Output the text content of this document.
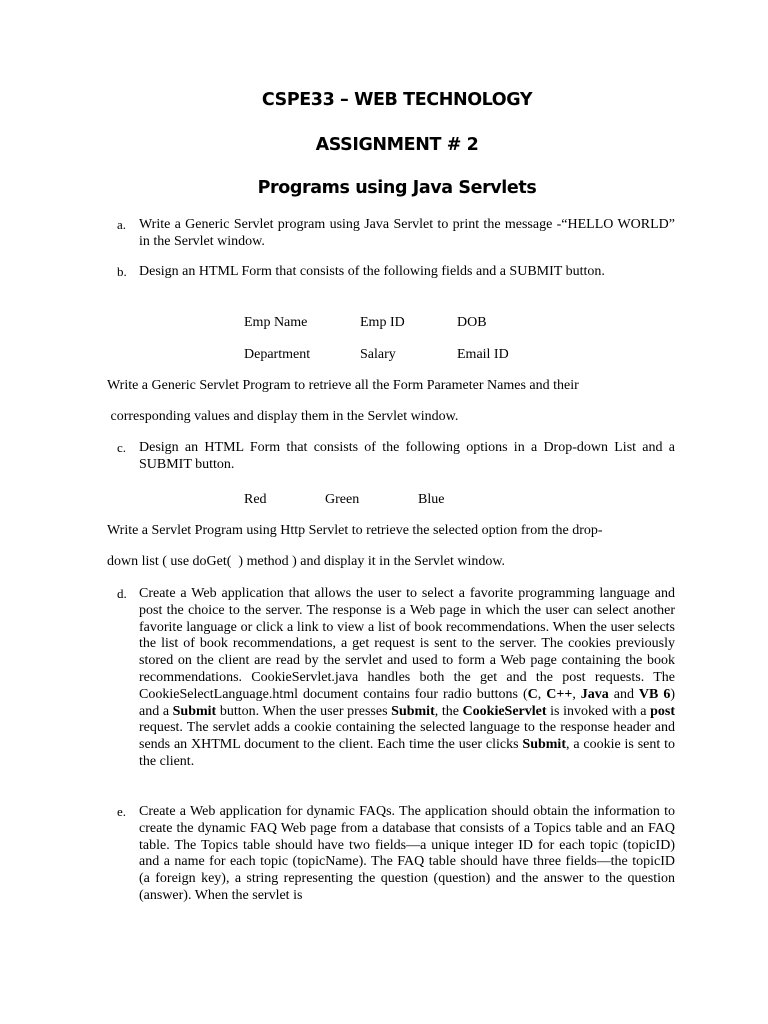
CSPE33 – WEB TECHNOLOGY
ASSIGNMENT # 2
Programs using Java Servlets
a. Write a Generic Servlet program using Java Servlet to print the message -“HELLO WORLD” in the Servlet window.
b. Design an HTML Form that consists of the following fields and a SUBMIT button.
Emp Name	Emp ID	DOB
Department	Salary	Email ID
Write a Generic Servlet Program to retrieve all the Form Parameter Names and their
corresponding values and display them in the Servlet window.
c. Design an HTML Form that consists of the following options in a Drop-down List and a SUBMIT button.
Red	Green	Blue
Write a Servlet Program using Http Servlet to retrieve the selected option from the drop-
down list ( use doGet(  ) method ) and display it in the Servlet window.
d. Create a Web application that allows the user to select a favorite programming language and post the choice to the server. The response is a Web page in which the user can select another favorite language or click a link to view a list of book recommendations. When the user selects the list of book recommendations, a get request is sent to the server. The cookies previously stored on the client are read by the servlet and used to form a Web page containing the book recommendations. CookieServlet.java handles both the get and the post requests. The CookieSelectLanguage.html document contains four radio buttons (C, C++, Java and VB 6) and a Submit button. When the user presses Submit, the CookieServlet is invoked with a post request. The servlet adds a cookie containing the selected language to the response header and sends an XHTML document to the client. Each time the user clicks Submit, a cookie is sent to the client.
e. Create a Web application for dynamic FAQs. The application should obtain the information to create the dynamic FAQ Web page from a database that consists of a Topics table and an FAQ table. The Topics table should have two fields—a unique integer ID for each topic (topicID) and a name for each topic (topicName). The FAQ table should have three fields—the topicID (a foreign key), a string representing the question (question) and the answer to the question (answer). When the servlet is
